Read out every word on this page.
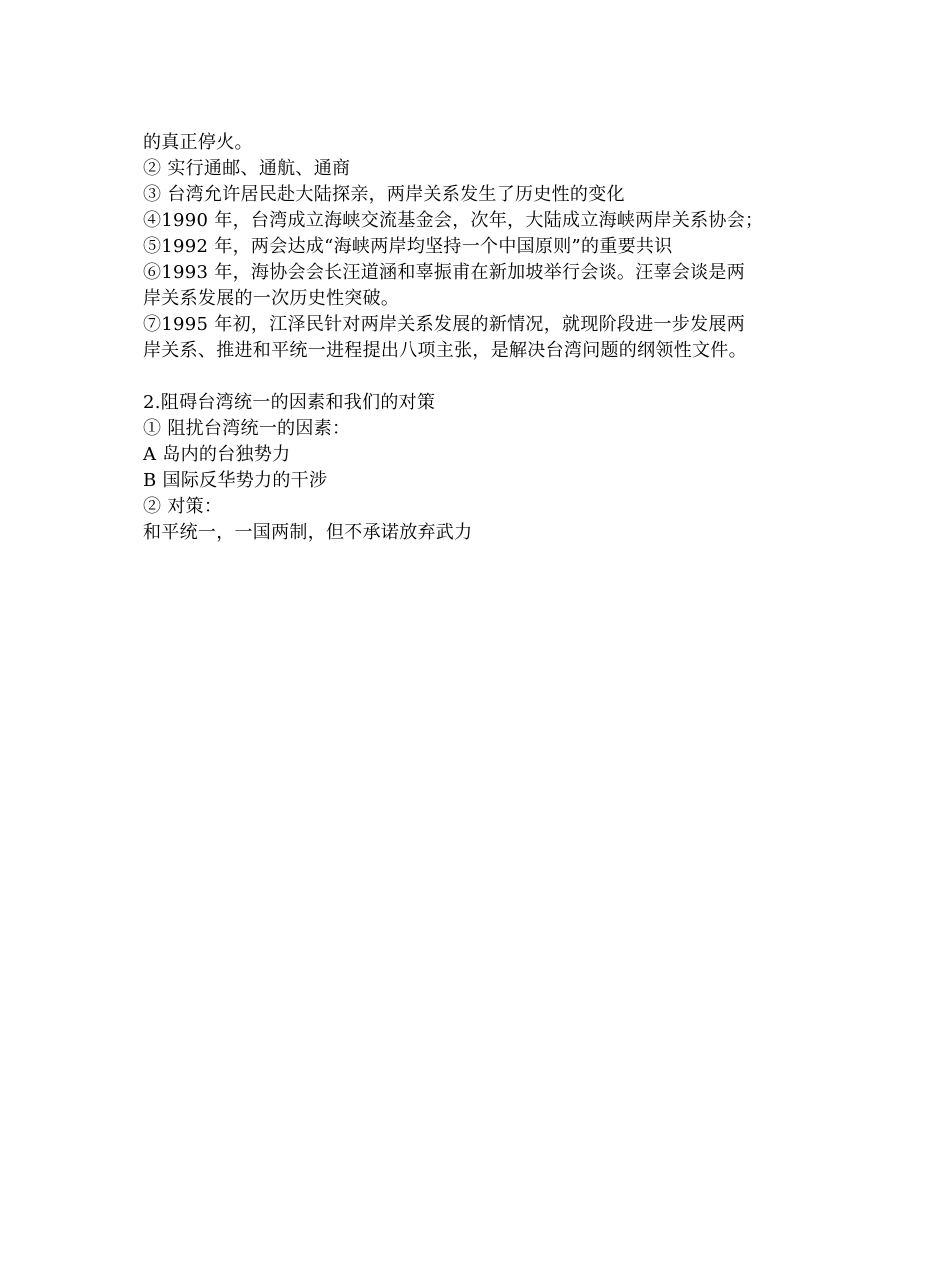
的真正停火。
② 实行通邮、通航、通商
③ 台湾允许居民赴大陆探亲，两岸关系发生了历史性的变化
④1990 年，台湾成立海峡交流基金会，次年，大陆成立海峡两岸关系协会；
⑤1992 年，两会达成“海峡两岸均坚持一个中国原则”的重要共识
⑥1993 年，海协会会长汪道涵和辜振甫在新加坡举行会谈。汪辜会谈是两
岸关系发展的一次历史性突破。
⑦1995 年初，江泽民针对两岸关系发展的新情况，就现阶段进一步发展两
岸关系、推进和平统一进程提出八项主张，是解决台湾问题的纲领性文件。
2.阻碍台湾统一的因素和我们的对策
① 阻扰台湾统一的因素：
A 岛内的台独势力
B 国际反华势力的干涉
② 对策：
和平统一，一国两制，但不承诺放弃武力
